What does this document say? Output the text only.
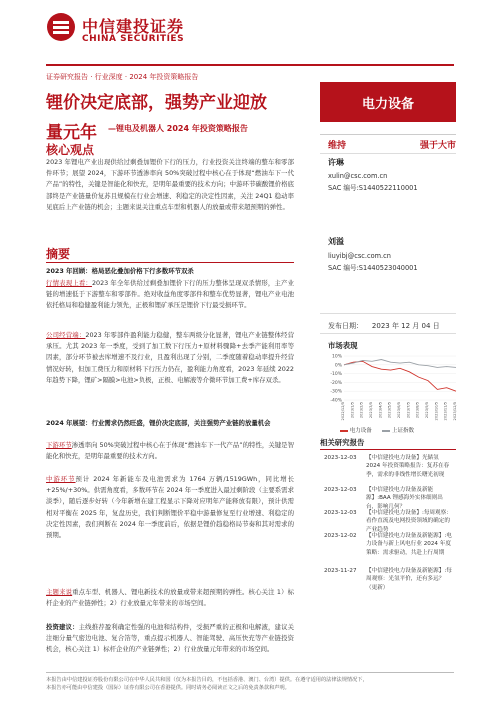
中信建投证券
CHINA SECURITIES
证券研究报告 · 行业深度 · 2024 年投资策略报告
锂价决定底部，强势产业迎放
量元年 —锂电及机器人 2024 年投资策略报告
电力设备
核心观点
2023 年锂电产业出现供给过剩叠加锂价下行的压力，行业投资关注终端的整车和零部件环节；展望 2024，下游环节透渗率向 50%突破过程中核心在于体现“燃油车下一代产品”的特性，关键是智能化和快充，是明年最重要的技术方向；中游环节碳酸锂价格底部终是产业链量价复苏且规模在行业会增速、利稳定的决定性因素，关注 24Q1 稳动率见底后上产业链的机会；主题来说关注重点车型和机器人的放量或带来超预期的弹性。
摘要
2023 年回顾：格局恶化叠加价格下行多数环节双杀
行情表现上看：2023 年全年供给过剩叠加锂价下行的压力整体呈现双杀情形，主产业链的增速低于下游整车和零部件。绝对收益角度零部件和整车优势显著，锂电产业电池依托格局和稳健盈利能力领先，正极和锂矿承压是锂价下行最受损环节。
公司经营端：2023 年零部件盈利能力稳健，整车两级分化显著，锂电产业链整体经营承压。尤其 2023 年一季度，受到了加工数下行压力+原材料骤降+去季产能利用率等因素，部分环节被去库增速不及行业，且盈利出现了分别，二季度随着稳动率提升经营情况好转，但加工费压力和原材料下行压力仍在，盈利能力角度看，2023 年延续 2022 年趋势下降，锂矿>隔膜>电池>负极，正极、电解液等介微环节加工费+库存双杀。
2024 年展望：行业需求仍然旺盛，锂价决定底部，关注强势产业链的放量机会
下游环节渗透率向 50%突破过程中核心在于体现“燃油车下一代产品”的特性，关键是智能化和快充，是明年最重要的技术方向。
中游环节预计 2024 年新能车及电池需求为 1764 万辆/1519GWh，同比增长+25%/+30%。供需角度看，多数环节在 2024 年一季度进入最过剩阶段（主要系需求淡季），随后逐步好转（今年新增在建工程显示下降对应明年产能释放有限），预计供需相对平衡在 2025 年，复盘历史，我们判断锂价平稳中游量修复至行业增速、利稳定的决定性因素，我们判断在 2024 年一季度前后，依据是锂价趋稳格局节奏和其对需求的预期。
主题来说重点车型、机器人、锂电新技术的放量或带来超预期的弹性。核心关注 1）标杆企业的产业链弹性；2）行业放量元年带来的市场空间。
投资建议：主线推荐盈利确定性强的电池和结构件，受损严重的正极和电解液，建议关注细分量气密边电池、复合箔等，重点提示机器人、智能驾驶、高压快充等产业链投资机会，核心关注 1）标杆企业的产业链弹性；2）行业放量元年带来的市场空间。
维持	强于大市
许琳
xulin@csc.com.cn
SAC 编号:S1440522110001
刘溢
liuyibj@csc.com.cn
SAC 编号:S1440523040001
发布日期： 2023 年 12 月 04 日
市场表现
10%
0%
-10%
-20%
-30%
-40%
2022/12/5 2023/1/5 2023/2/5 2023/3/5 2023/4/5 2023/5/5 2023/6/5 2023/7/5 2023/8/5 2023/9/5 2023/10/5 2023/11/5 2023/12/5
电力设备	上证指数
相关研究报告
2023-12-03 【中信建投电力设备】光储氢 2024 年投资策略报告：复苏在春季，需求的非线性增长曙光初现
2023-12-03 【中信建投电力设备及新能源】:BAA 锂感海外实体细则出台，影响几何？
2023-12-03 【中信建投电力设备】:每周观察：看作直流及电网投资领域的确定的产业趋势
2023-12-02 【中信建投电力设备及新能源】:电力设备与新上风电行业 2024 年度策略：需求驱动，共赴上行周期
2023-11-27 【中信建投电力设备及新能源】:每周观察：光氢平价，还有多远？（更新）
本报告由中信建投证券股份有限公司在中华人民共和国（仅为本报告目的，不包括香港、澳门、台湾）提供。在遵守适用的法律法规情况下，
本报告亦可能由中信建投（国际）证券有限公司在香港提供。同时请务必阅读正文之后的免责条款和声明。
